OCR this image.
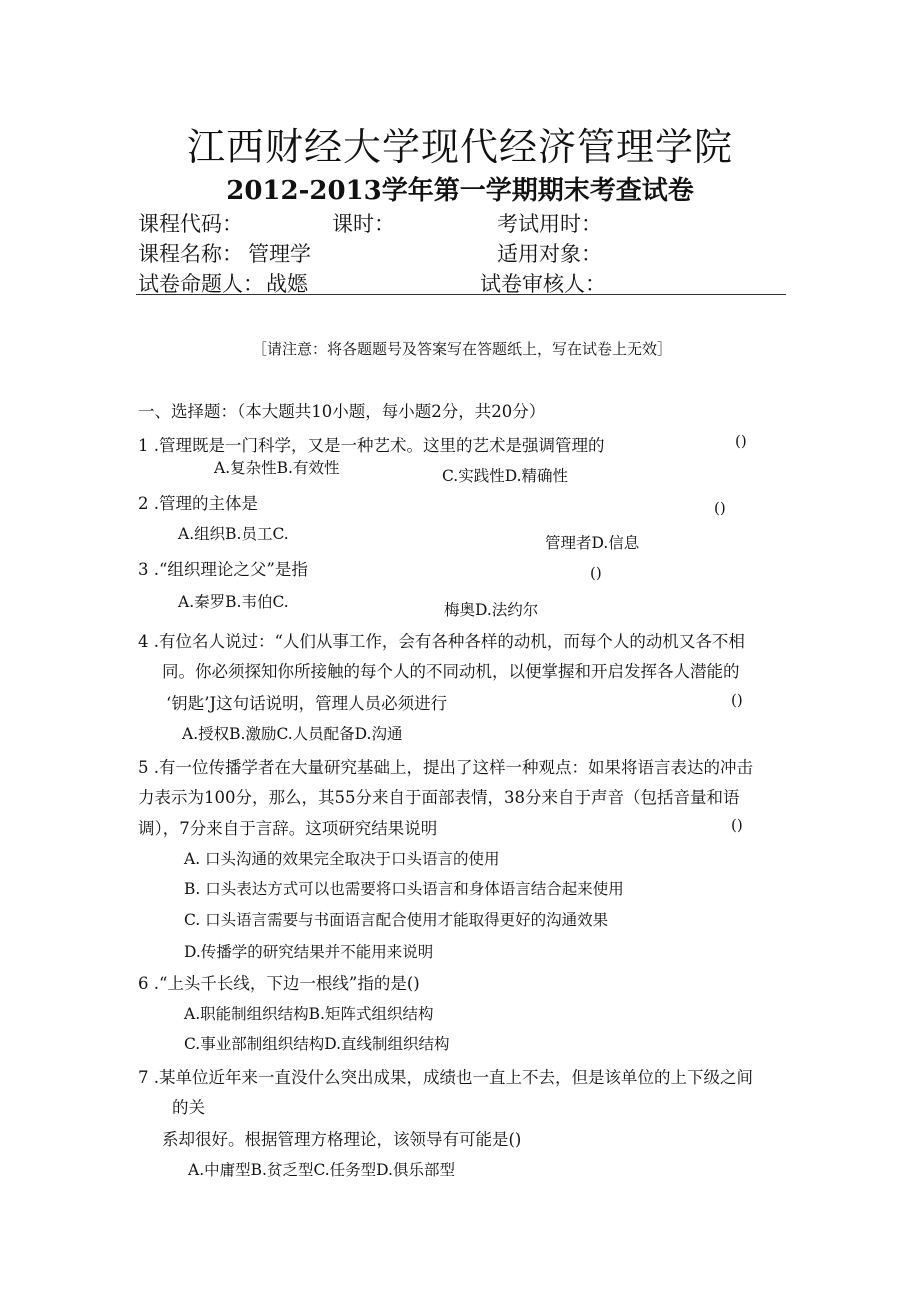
江西财经大学现代经济管理学院
2012-2013学年第一学期期末考查试卷
课程代码：	课时：	考试用时：
课程名称： 管理学	适用对象：
试卷命题人： 战嫕	试卷审核人：
［请注意：将各题题号及答案写在答题纸上，写在试卷上无效］
一、选择题：（本大题共10小题，每小题2分，共20分）
1 .管理既是一门科学，又是一种艺术。这里的艺术是强调管理的	()
A.复杂性B.有效性	C.实践性D.精确性
2 .管理的主体是	()
A.组织B.员工C.	管理者D.信息
3 .“组织理论之父”是指	()
A.秦罗B.韦伯C.	梅奥D.法约尔
4 .有位名人说过：“人们从事工作，会有各种各样的动机，而每个人的动机又各不相
同。你必须探知你所接触的每个人的不同动机，以便掌握和开启发挥各人潜能的
‘钥匙’J这句话说明，管理人员必须进行	()
A.授权B.激励C.人员配备D.沟通
5 .有一位传播学者在大量研究基础上，提出了这样一种观点：如果将语言表达的冲击
力表示为100分，那么，其55分来自于面部表情，38分来自于声音（包括音量和语
调），7分来自于言辞。这项研究结果说明	()
A. 口头沟通的效果完全取决于口头语言的使用
B. 口头表达方式可以也需要将口头语言和身体语言结合起来使用
C. 口头语言需要与书面语言配合使用才能取得更好的沟通效果
D.传播学的研究结果并不能用来说明
6 .“上头千长线，下边一根线”指的是()
A.职能制组织结构B.矩阵式组织结构
C.事业部制组织结构D.直线制组织结构
7 .某单位近年来一直没什么突出成果，成绩也一直上不去，但是该单位的上下级之间
的关
系却很好。根据管理方格理论，该领导有可能是()
A.中庸型B.贫乏型C.任务型D.俱乐部型
